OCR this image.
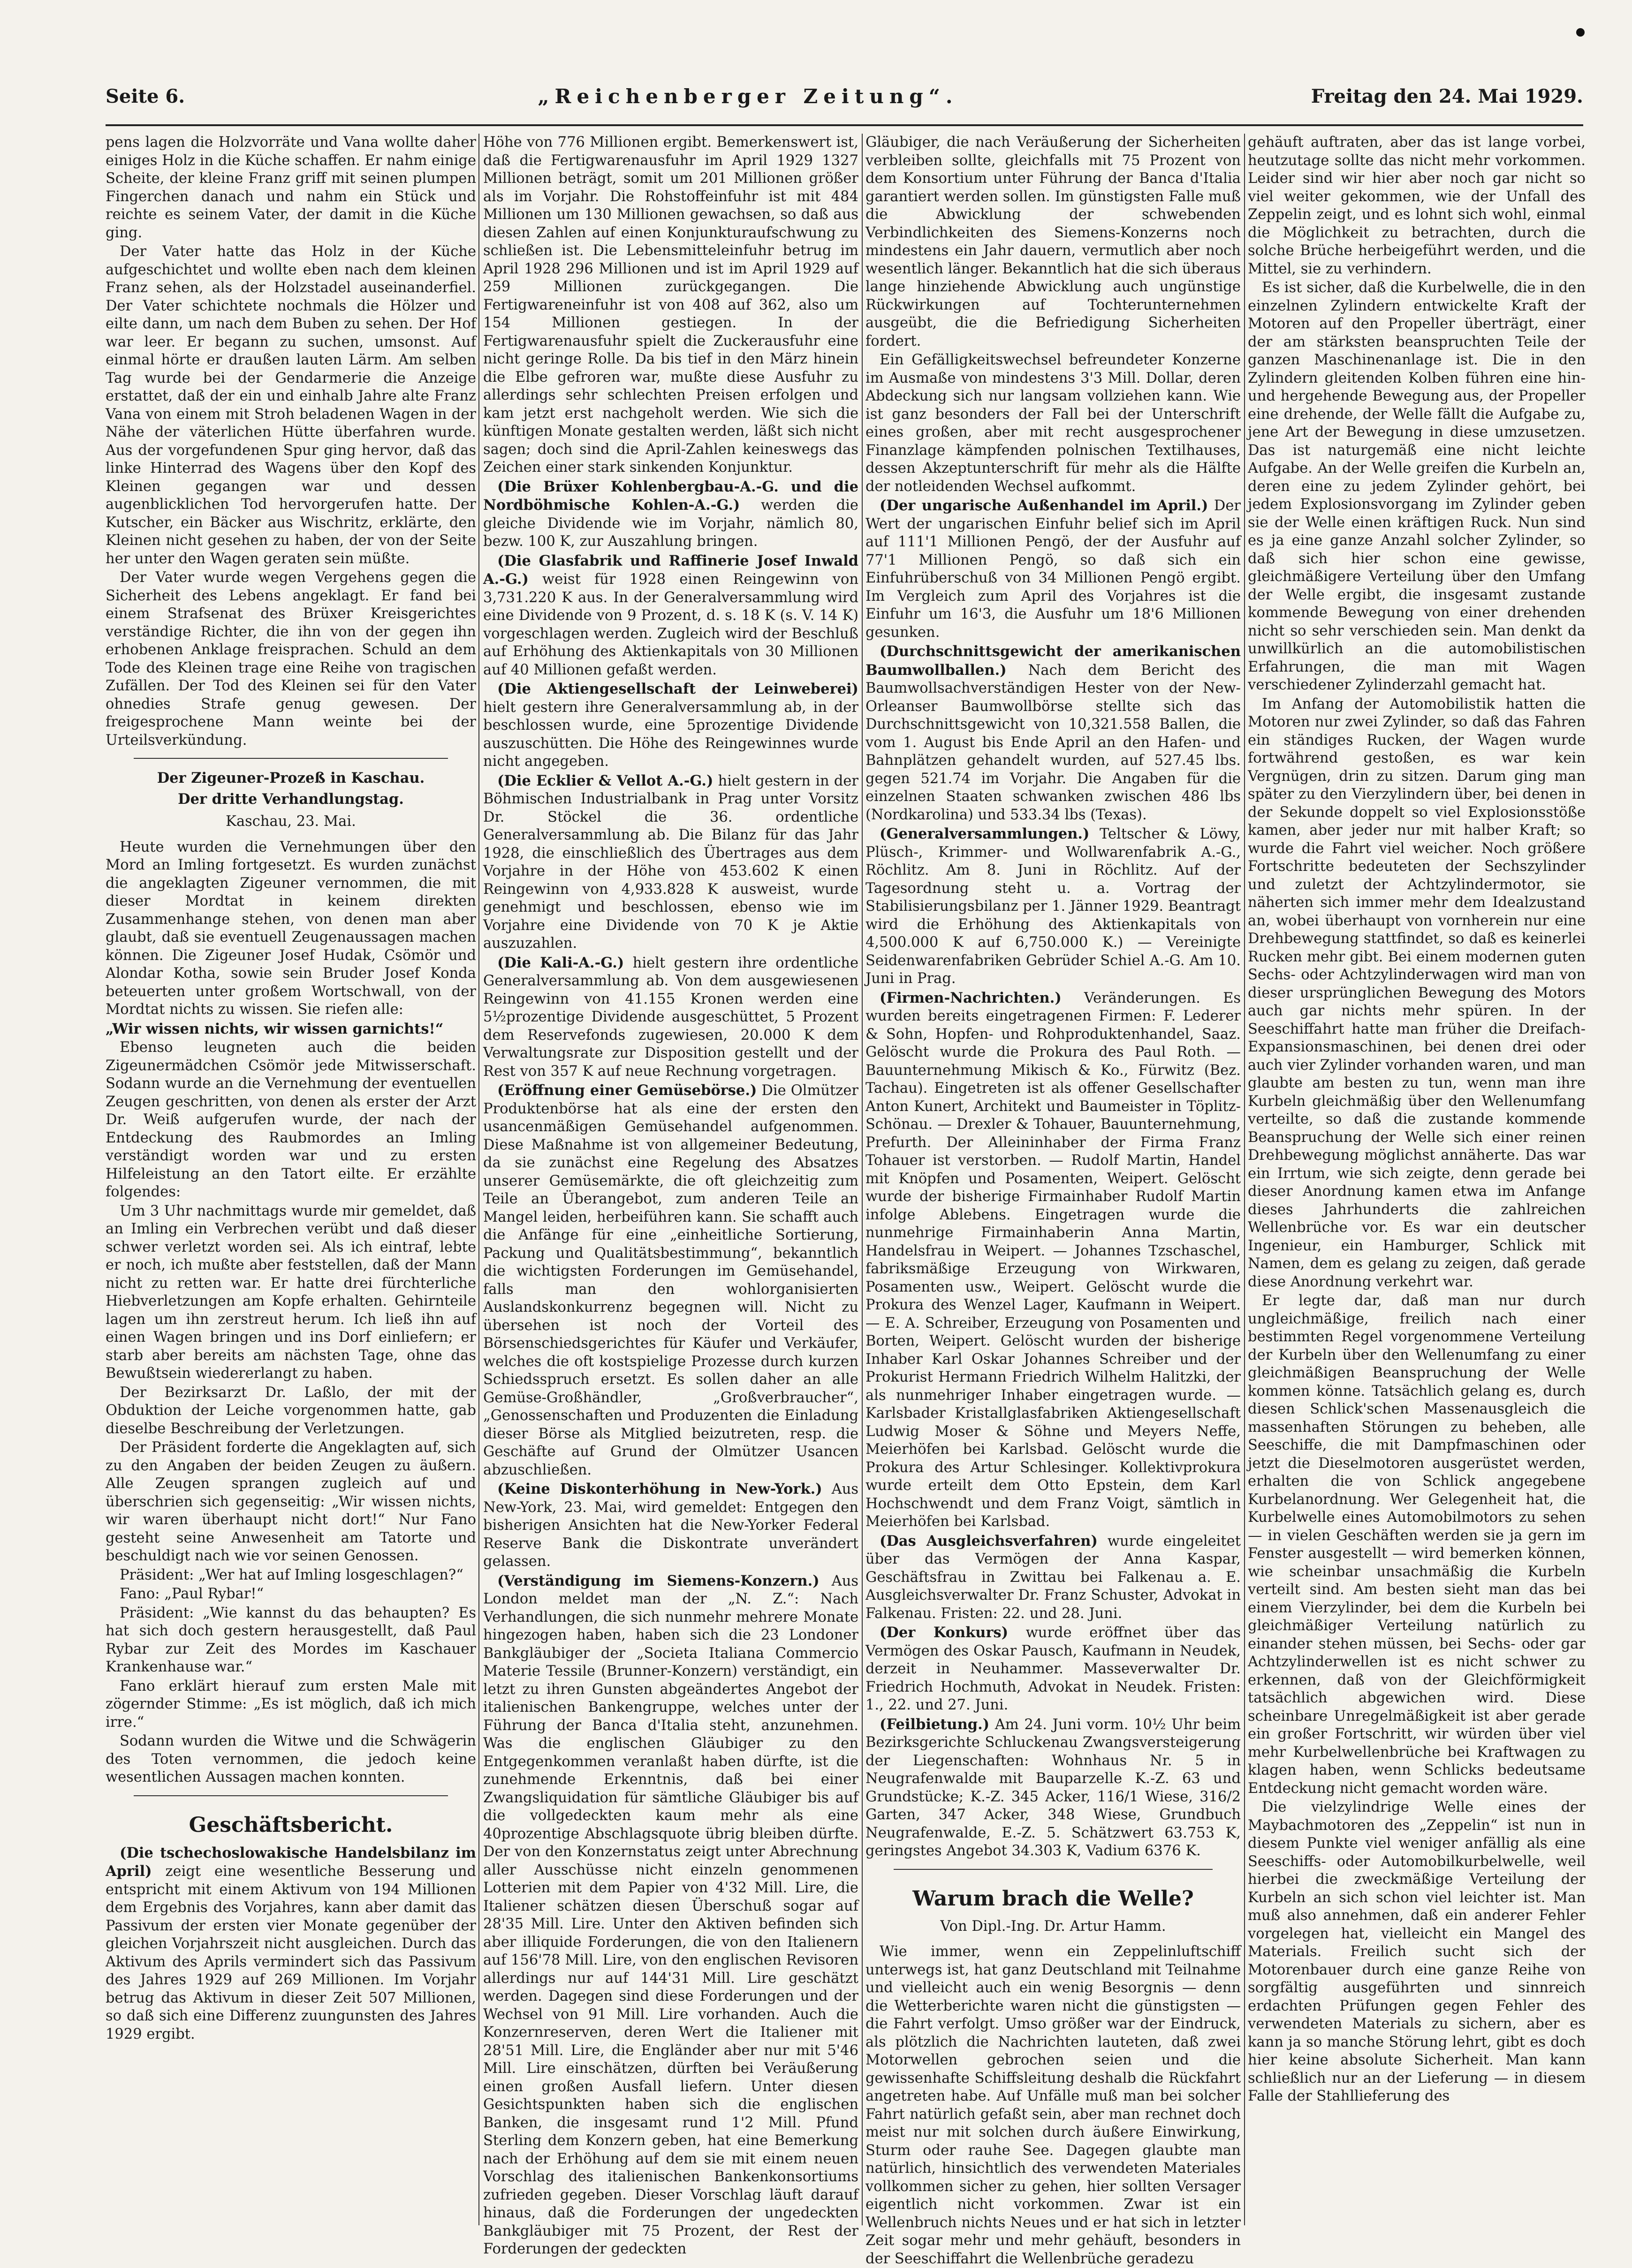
Seite 6.	„Reichenberger Zeitung“.	Freitag den 24. Mai 1929.

pens lagen die Holzvorräte und Vana wollte daher einiges Holz in die Küche schaffen. Er nahm einige Scheite, der kleine Franz griff mit seinen plumpen Fingerchen danach und nahm ein Stück und reichte es seinem Vater, der damit in die Küche ging.

Der Vater hatte das Holz in der Küche aufgeschichtet und wollte eben nach dem kleinen Franz sehen, als der Holzstadel auseinanderfiel. Der Vater schichtete nochmals die Hölzer und eilte dann, um nach dem Buben zu sehen. Der Hof war leer. Er begann zu suchen, umsonst. Auf einmal hörte er draußen lauten Lärm. Am selben Tag wurde bei der Gendarmerie die Anzeige erstattet, daß der ein und einhalb Jahre alte Franz Vana von einem mit Stroh beladenen Wagen in der Nähe der väterlichen Hütte überfahren wurde. Aus der vorgefundenen Spur ging hervor, daß das linke Hinterrad des Wagens über den Kopf des Kleinen gegangen war und dessen augenblicklichen Tod hervorgerufen hatte. Der Kutscher, ein Bäcker aus Wischritz, erklärte, den Kleinen nicht gesehen zu haben, der von der Seite her unter den Wagen geraten sein müßte.

Der Vater wurde wegen Vergehens gegen die Sicherheit des Lebens angeklagt. Er fand bei einem Strafsenat des Brüxer Kreisgerichtes verständige Richter, die ihn von der gegen ihn erhobenen Anklage freisprachen. Schuld an dem Tode des Kleinen trage eine Reihe von tragischen Zufällen. Der Tod des Kleinen sei für den Vater ohnedies Strafe genug gewesen. Der freigesprochene Mann weinte bei der Urteilsverkündung.

Der Zigeuner-Prozeß in Kaschau.

Der dritte Verhandlungstag.

Kaschau, 23. Mai.

Heute wurden die Vernehmungen über den Mord an Imling fortgesetzt. Es wurden zunächst die angeklagten Zigeuner vernommen, die mit dieser Mordtat in keinem direkten Zusammenhange stehen, von denen man aber glaubt, daß sie eventuell Zeugenaussagen machen können. Die Zigeuner Josef Hudak, Csömör und Alondar Kotha, sowie sein Bruder Josef Konda beteuerten unter großem Wortschwall, von der Mordtat nichts zu wissen. Sie riefen alle:

„Wir wissen nichts, wir wissen garnichts!“

Ebenso leugneten auch die beiden Zigeunermädchen Csömör jede Mitwisserschaft. Sodann wurde an die Vernehmung der eventuellen Zeugen geschritten, von denen als erster der Arzt Dr. Weiß aufgerufen wurde, der nach der Entdeckung des Raubmordes an Imling verständigt worden war und zu ersten Hilfeleistung an den Tatort eilte. Er erzählte folgendes:

Um 3 Uhr nachmittags wurde mir gemeldet, daß an Imling ein Verbrechen verübt und daß dieser schwer verletzt worden sei. Als ich eintraf, lebte er noch, ich mußte aber feststellen, daß der Mann nicht zu retten war. Er hatte drei fürchterliche Hiebverletzungen am Kopfe erhalten. Gehirnteile lagen um ihn zerstreut herum. Ich ließ ihn auf einen Wagen bringen und ins Dorf einliefern; er starb aber bereits am nächsten Tage, ohne das Bewußtsein wiedererlangt zu haben.

Der Bezirksarzt Dr. Laßlo, der mit der Obduktion der Leiche vorgenommen hatte, gab dieselbe Beschreibung der Verletzungen.

Der Präsident forderte die Angeklagten auf, sich zu den Angaben der beiden Zeugen zu äußern. Alle Zeugen sprangen zugleich auf und überschrien sich gegenseitig: „Wir wissen nichts, wir waren überhaupt nicht dort!“ Nur Fano gesteht seine Anwesenheit am Tatorte und beschuldigt nach wie vor seinen Genossen.

Präsident: „Wer hat auf Imling losgeschlagen?“

Fano: „Paul Rybar!“

Präsident: „Wie kannst du das behaupten? Es hat sich doch gestern herausgestellt, daß Paul Rybar zur Zeit des Mordes im Kaschauer Krankenhause war.“

Fano erklärt hierauf zum ersten Male mit zögernder Stimme: „Es ist möglich, daß ich mich irre.“

Sodann wurden die Witwe und die Schwägerin des Toten vernommen, die jedoch keine wesentlichen Aussagen machen konnten.

Geschäftsbericht.

(Die tschechoslowakische Handelsbilanz im April) zeigt eine wesentliche Besserung und entspricht mit einem Aktivum von 194 Millionen dem Ergebnis des Vorjahres, kann aber damit das Passivum der ersten vier Monate gegenüber der gleichen Vorjahrszeit nicht ausgleichen. Durch das Aktivum des Aprils vermindert sich das Passivum des Jahres 1929 auf 269 Millionen. Im Vorjahr betrug das Aktivum in dieser Zeit 507 Millionen, so daß sich eine Differenz zuungunsten des Jahres 1929 ergibt.

Höhe von 776 Millionen ergibt. Bemerkenswert ist, daß die Fertigwarenausfuhr im April 1929 1327 Millionen beträgt, somit um 201 Millionen größer als im Vorjahr. Die Rohstoffeinfuhr ist mit 484 Millionen um 130 Millionen gewachsen, so daß aus diesen Zahlen auf einen Konjunkturaufschwung zu schließen ist. Die Lebensmitteleinfuhr betrug im April 1928 296 Millionen und ist im April 1929 auf 259 Millionen zurückgegangen. Die Fertigwareneinfuhr ist von 408 auf 362, also um 154 Millionen gestiegen. In der Fertigwarenausfuhr spielt die Zuckerausfuhr eine nicht geringe Rolle. Da bis tief in den März hinein die Elbe gefroren war, mußte diese Ausfuhr zu allerdings sehr schlechten Preisen erfolgen und kam jetzt erst nachgeholt werden. Wie sich die künftigen Monate gestalten werden, läßt sich nicht sagen; doch sind die April-Zahlen keineswegs das Zeichen einer stark sinkenden Konjunktur.

(Die Brüxer Kohlenbergbau-A.-G. und die Nordböhmische Kohlen-A.-G.) werden die gleiche Dividende wie im Vorjahr, nämlich 80, bezw. 100 K, zur Auszahlung bringen.

(Die Glasfabrik und Raffinerie Josef Inwald A.-G.) weist für 1928 einen Reingewinn von 3,731.220 K aus. In der Generalversammlung wird eine Dividende von 9 Prozent, d. s. 18 K (s. V. 14 K) vorgeschlagen werden. Zugleich wird der Beschluß auf Erhöhung des Aktienkapitals von 30 Millionen auf 40 Millionen gefaßt werden.

(Die Aktiengesellschaft der Leinweberei) hielt gestern ihre Generalversammlung ab, in der beschlossen wurde, eine 5prozentige Dividende auszuschütten. Die Höhe des Reingewinnes wurde nicht angegeben.

(Die Ecklier & Vellot A.-G.) hielt gestern in der Böhmischen Industrialbank in Prag unter Vorsitz Dr. Stöckel die 36. ordentliche Generalversammlung ab. Die Bilanz für das Jahr 1928, die einschließlich des Übertrages aus dem Vorjahre in der Höhe von 453.602 K einen Reingewinn von 4,933.828 K ausweist, wurde genehmigt und beschlossen, ebenso wie im Vorjahre eine Dividende von 70 K je Aktie auszuzahlen.

(Die Kali-A.-G.) hielt gestern ihre ordentliche Generalversammlung ab. Von dem ausgewiesenen Reingewinn von 41.155 Kronen werden eine 5½prozentige Dividende ausgeschüttet, 5 Prozent dem Reservefonds zugewiesen, 20.000 K dem Verwaltungsrate zur Disposition gestellt und der Rest von 357 K auf neue Rechnung vorgetragen.

(Eröffnung einer Gemüsebörse.) Die Olmützer Produktenbörse hat als eine der ersten den usancenmäßigen Gemüsehandel aufgenommen. Diese Maßnahme ist von allgemeiner Bedeutung, da sie zunächst eine Regelung des Absatzes unserer Gemüsemärkte, die oft gleichzeitig zum Teile an Überangebot, zum anderen Teile an Mangel leiden, herbeiführen kann. Sie schafft auch die Anfänge für eine „einheitliche Sortierung, Packung und Qualitätsbestimmung“, bekanntlich die wichtigsten Forderungen im Gemüsehandel, falls man den wohlorganisierten Auslandskonkurrenz begegnen will. Nicht zu übersehen ist noch der Vorteil des Börsenschiedsgerichtes für Käufer und Verkäufer, welches die oft kostspielige Prozesse durch kurzen Schiedsspruch ersetzt. Es sollen daher an alle Gemüse-Großhändler, „Großverbraucher“, „Genossenschaften und Produzenten die Einladung dieser Börse als Mitglied beizutreten, resp. die Geschäfte auf Grund der Olmützer Usancen abzuschließen.

(Keine Diskonterhöhung in New-York.) Aus New-York, 23. Mai, wird gemeldet: Entgegen den bisherigen Ansichten hat die New-Yorker Federal Reserve Bank die Diskontrate unverändert gelassen.

(Verständigung im Siemens-Konzern.) Aus London meldet man der „N. Z.“: Nach Verhandlungen, die sich nunmehr mehrere Monate hingezogen haben, haben sich die 23 Londoner Bankgläubiger der „Societa Italiana Commercio Materie Tessile (Brunner-Konzern) verständigt, ein letzt zu ihren Gunsten abgeändertes Angebot der italienischen Bankengruppe, welches unter der Führung der Banca d'Italia steht, anzunehmen. Was die englischen Gläubiger zu den Entgegenkommen veranlaßt haben dürfte, ist die zunehmende Erkenntnis, daß bei einer Zwangsliquidation für sämtliche Gläubiger bis auf die vollgedeckten kaum mehr als eine 40prozentige Abschlagsquote übrig bleiben dürfte. Der von den Konzernstatus zeigt unter Abrechnung aller Ausschüsse nicht einzeln genommenen Lotterien mit dem Papier von 4'32 Mill. Lire, die Italiener schätzen diesen Überschuß sogar auf 28'35 Mill. Lire. Unter den Aktiven befinden sich aber illiquide Forderungen, die von den Italienern auf 156'78 Mill. Lire, von den englischen Revisoren allerdings nur auf 144'31 Mill. Lire geschätzt werden. Dagegen sind diese Forderungen und der Wechsel von 91 Mill. Lire vorhanden. Auch die Konzernreserven, deren Wert die Italiener mit 28'51 Mill. Lire, die Engländer aber nur mit 5'46 Mill. Lire einschätzen, dürften bei Veräußerung einen großen Ausfall liefern. Unter diesen Gesichtspunkten haben sich die englischen Banken, die insgesamt rund 1'2 Mill. Pfund Sterling dem Konzern geben, hat eine Bemerkung nach der Erhöhung auf dem sie mit einem neuen Vorschlag des italienischen Bankenkonsortiums zufrieden gegeben. Dieser Vorschlag läuft darauf hinaus, daß die Forderungen der ungedeckten Bankgläubiger mit 75 Prozent, der Rest der Forderungen der gedeckten

Gläubiger, die nach Veräußerung der Sicherheiten verbleiben sollte, gleichfalls mit 75 Prozent von dem Konsortium unter Führung der Banca d'Italia garantiert werden sollen. Im günstigsten Falle muß die Abwicklung der schwebenden Verbindlichkeiten des Siemens-Konzerns noch mindestens ein Jahr dauern, vermutlich aber noch wesentlich länger. Bekanntlich hat die sich überaus lange hinziehende Abwicklung auch ungünstige Rückwirkungen auf Tochterunternehmen ausgeübt, die die Befriedigung Sicherheiten fordert.

Ein Gefälligkeitswechsel befreundeter Konzerne im Ausmaße von mindestens 3'3 Mill. Dollar, deren Abdeckung sich nur langsam vollziehen kann. Wie ist ganz besonders der Fall bei der Unterschrift eines großen, aber mit recht ausgesprochener Finanzlage kämpfenden polnischen Textilhauses, dessen Akzeptunterschrift für mehr als die Hälfte der notleidenden Wechsel aufkommt.

(Der ungarische Außenhandel im April.) Der Wert der ungarischen Einfuhr belief sich im April auf 111'1 Millionen Pengö, der der Ausfuhr auf 77'1 Millionen Pengö, so daß sich ein Einfuhrüberschuß von 34 Millionen Pengö ergibt. Im Vergleich zum April des Vorjahres ist die Einfuhr um 16'3, die Ausfuhr um 18'6 Millionen gesunken.

(Durchschnittsgewicht der amerikanischen Baumwollballen.) Nach dem Bericht des Baumwollsachverständigen Hester von der New-Orleanser Baumwollbörse stellte sich das Durchschnittsgewicht von 10,321.558 Ballen, die vom 1. August bis Ende April an den Hafen- und Bahnplätzen gehandelt wurden, auf 527.45 lbs. gegen 521.74 im Vorjahr. Die Angaben für die einzelnen Staaten schwanken zwischen 486 lbs (Nordkarolina) und 533.34 lbs (Texas).

(Generalversammlungen.) Teltscher & Löwy, Plüsch-, Krimmer- und Wollwarenfabrik A.-G., Röchlitz. Am 8. Juni in Röchlitz. Auf der Tagesordnung steht u. a. Vortrag der Stabilisierungsbilanz per 1. Jänner 1929. Beantragt wird die Erhöhung des Aktienkapitals von 4,500.000 K auf 6,750.000 K.) — Vereinigte Seidenwarenfabriken Gebrüder Schiel A.-G. Am 10. Juni in Prag.

(Firmen-Nachrichten.) Veränderungen. Es wurden bereits eingetragenen Firmen: F. Lederer & Sohn, Hopfen- und Rohproduktenhandel, Saaz. Gelöscht wurde die Prokura des Paul Roth. — Bauunternehmung Mikisch & Ko., Fürwitz (Bez. Tachau). Eingetreten ist als offener Gesellschafter Anton Kunert, Architekt und Baumeister in Töplitz-Schönau. — Drexler & Tohauer, Bauunternehmung, Prefurth. Der Alleininhaber der Firma Franz Tohauer ist verstorben. — Rudolf Martin, Handel mit Knöpfen und Posamenten, Weipert. Gelöscht wurde der bisherige Firmainhaber Rudolf Martin infolge Ablebens. Eingetragen wurde die nunmehrige Firmainhaberin Anna Martin, Handelsfrau in Weipert. — Johannes Tzschaschel, fabriksmäßige Erzeugung von Wirkwaren, Posamenten usw., Weipert. Gelöscht wurde die Prokura des Wenzel Lager, Kaufmann in Weipert. — E. A. Schreiber, Erzeugung von Posamenten und Borten, Weipert. Gelöscht wurden der bisherige Inhaber Karl Oskar Johannes Schreiber und der Prokurist Hermann Friedrich Wilhelm Halitzki, der als nunmehriger Inhaber eingetragen wurde. — Karlsbader Kristallglasfabriken Aktiengesellschaft Ludwig Moser & Söhne und Meyers Neffe, Meierhöfen bei Karlsbad. Gelöscht wurde die Prokura des Artur Schlesinger. Kollektivprokura wurde erteilt dem Otto Epstein, dem Karl Hochschwendt und dem Franz Voigt, sämtlich in Meierhöfen bei Karlsbad.

(Das Ausgleichsverfahren) wurde eingeleitet über das Vermögen der Anna Kaspar, Geschäftsfrau in Zwittau bei Falkenau a. E. Ausgleichsverwalter Dr. Franz Schuster, Advokat in Falkenau. Fristen: 22. und 28. Juni.

(Der Konkurs) wurde eröffnet über das Vermögen des Oskar Pausch, Kaufmann in Neudek, derzeit in Neuhammer. Masseverwalter Dr. Friedrich Hochmuth, Advokat in Neudek. Fristen: 1., 22. und 27. Juni.

(Feilbietung.) Am 24. Juni vorm. 10½ Uhr beim Bezirksgerichte Schluckenau Zwangsversteigerung der Liegenschaften: Wohnhaus Nr. 5 in Neugrafenwalde mit Bauparzelle K.-Z. 63 und Grundstücke; K.-Z. 345 Acker, 116/1 Wiese, 316/2 Garten, 347 Acker, 348 Wiese, Grundbuch Neugrafenwalde, E.-Z. 5. Schätzwert 63.753 K, geringstes Angebot 34.303 K, Vadium 6376 K.

Warum brach die Welle?

Von Dipl.-Ing. Dr. Artur Hamm.

Wie immer, wenn ein Zeppelinluftschiff unterwegs ist, hat ganz Deutschland mit Teilnahme und vielleicht auch ein wenig Besorgnis — denn die Wetterberichte waren nicht die günstigsten — die Fahrt verfolgt. Umso größer war der Eindruck, als plötzlich die Nachrichten lauteten, daß zwei Motorwellen gebrochen seien und die gewissenhafte Schiffsleitung deshalb die Rückfahrt angetreten habe. Auf Unfälle muß man bei solcher Fahrt natürlich gefaßt sein, aber man rechnet doch meist nur mit solchen durch äußere Einwirkung, Sturm oder rauhe See. Dagegen glaubte man natürlich, hinsichtlich des verwendeten Materiales vollkommen sicher zu gehen, hier sollten Versager eigentlich nicht vorkommen. Zwar ist ein Wellenbruch nichts Neues und er hat sich in letzter Zeit sogar mehr und mehr gehäuft, besonders in der Seeschiffahrt die Wellenbrüche geradezu

gehäuft auftraten, aber das ist lange vorbei, heutzutage sollte das nicht mehr vorkommen. Leider sind wir hier aber noch gar nicht so viel weiter gekommen, wie der Unfall des Zeppelin zeigt, und es lohnt sich wohl, einmal die Möglichkeit zu betrachten, durch die solche Brüche herbeigeführt werden, und die Mittel, sie zu verhindern.

Es ist sicher, daß die Kurbelwelle, die in den einzelnen Zylindern entwickelte Kraft der Motoren auf den Propeller überträgt, einer der am stärksten beanspruchten Teile der ganzen Maschinenanlage ist. Die in den Zylindern gleitenden Kolben führen eine hin- und hergehende Bewegung aus, der Propeller eine drehende, der Welle fällt die Aufgabe zu, jene Art der Bewegung in diese umzusetzen. Das ist naturgemäß eine nicht leichte Aufgabe. An der Welle greifen die Kurbeln an, deren eine zu jedem Zylinder gehört, bei jedem Explosionsvorgang im Zylinder geben sie der Welle einen kräftigen Ruck. Nun sind es ja eine ganze Anzahl solcher Zylinder, so daß sich hier schon eine gewisse, gleichmäßigere Verteilung über den Umfang der Welle ergibt, die insgesamt zustande kommende Bewegung von einer drehenden nicht so sehr verschieden sein. Man denkt da unwillkürlich an die automobilistischen Erfahrungen, die man mit Wagen verschiedener Zylinderzahl gemacht hat.

Im Anfang der Automobilistik hatten die Motoren nur zwei Zylinder, so daß das Fahren ein ständiges Rucken, der Wagen wurde fortwährend gestoßen, es war kein Vergnügen, drin zu sitzen. Darum ging man später zu den Vierzylindern über, bei denen in der Sekunde doppelt so viel Explosionsstöße kamen, aber jeder nur mit halber Kraft; so wurde die Fahrt viel weicher. Noch größere Fortschritte bedeuteten der Sechszylinder und zuletzt der Achtzylindermotor, sie näherten sich immer mehr dem Idealzustand an, wobei überhaupt von vornherein nur eine Drehbewegung stattfindet, so daß es keinerlei Rucken mehr gibt. Bei einem modernen guten Sechs- oder Achtzylinderwagen wird man von dieser ursprünglichen Bewegung des Motors auch gar nichts mehr spüren. In der Seeschiffahrt hatte man früher die Dreifach-Expansionsmaschinen, bei denen drei oder auch vier Zylinder vorhanden waren, und man glaubte am besten zu tun, wenn man ihre Kurbeln gleichmäßig über den Wellenumfang verteilte, so daß die zustande kommende Beanspruchung der Welle sich einer reinen Drehbewegung möglichst annäherte. Das war ein Irrtum, wie sich zeigte, denn gerade bei dieser Anordnung kamen etwa im Anfange dieses Jahrhunderts die zahlreichen Wellenbrüche vor. Es war ein deutscher Ingenieur, ein Hamburger, Schlick mit Namen, dem es gelang zu zeigen, daß gerade diese Anordnung verkehrt war.

Er legte dar, daß man nur durch ungleichmäßige, freilich nach einer bestimmten Regel vorgenommene Verteilung der Kurbeln über den Wellenumfang zu einer gleichmäßigen Beanspruchung der Welle kommen könne. Tatsächlich gelang es, durch diesen Schlick'schen Massenausgleich die massenhaften Störungen zu beheben, alle Seeschiffe, die mit Dampfmaschinen oder jetzt die Dieselmotoren ausgerüstet werden, erhalten die von Schlick angegebene Kurbelanordnung. Wer Gelegenheit hat, die Kurbelwelle eines Automobilmotors zu sehen — in vielen Geschäften werden sie ja gern im Fenster ausgestellt — wird bemerken können, wie scheinbar unsachmäßig die Kurbeln verteilt sind. Am besten sieht man das bei einem Vierzylinder, bei dem die Kurbeln bei gleichmäßiger Verteilung natürlich zu einander stehen müssen, bei Sechs- oder gar Achtzylinderwellen ist es nicht schwer zu erkennen, daß von der Gleichförmigkeit tatsächlich abgewichen wird. Diese scheinbare Unregelmäßigkeit ist aber gerade ein großer Fortschritt, wir würden über viel mehr Kurbelwellenbrüche bei Kraftwagen zu klagen haben, wenn Schlicks bedeutsame Entdeckung nicht gemacht worden wäre.

Die vielzylindrige Welle eines der Maybachmotoren des „Zeppelin“ ist nun in diesem Punkte viel weniger anfällig als eine Seeschiffs- oder Automobilkurbelwelle, weil hierbei die zweckmäßige Verteilung der Kurbeln an sich schon viel leichter ist. Man muß also annehmen, daß ein anderer Fehler vorgelegen hat, vielleicht ein Mangel des Materials. Freilich sucht sich der Motorenbauer durch eine ganze Reihe von sorgfältig ausgeführten und sinnreich erdachten Prüfungen gegen Fehler des verwendeten Materials zu sichern, aber es kann ja so manche Störung lehrt, gibt es doch hier keine absolute Sicherheit. Man kann schließlich nur an der Lieferung — in diesem Falle der Stahllieferung des
